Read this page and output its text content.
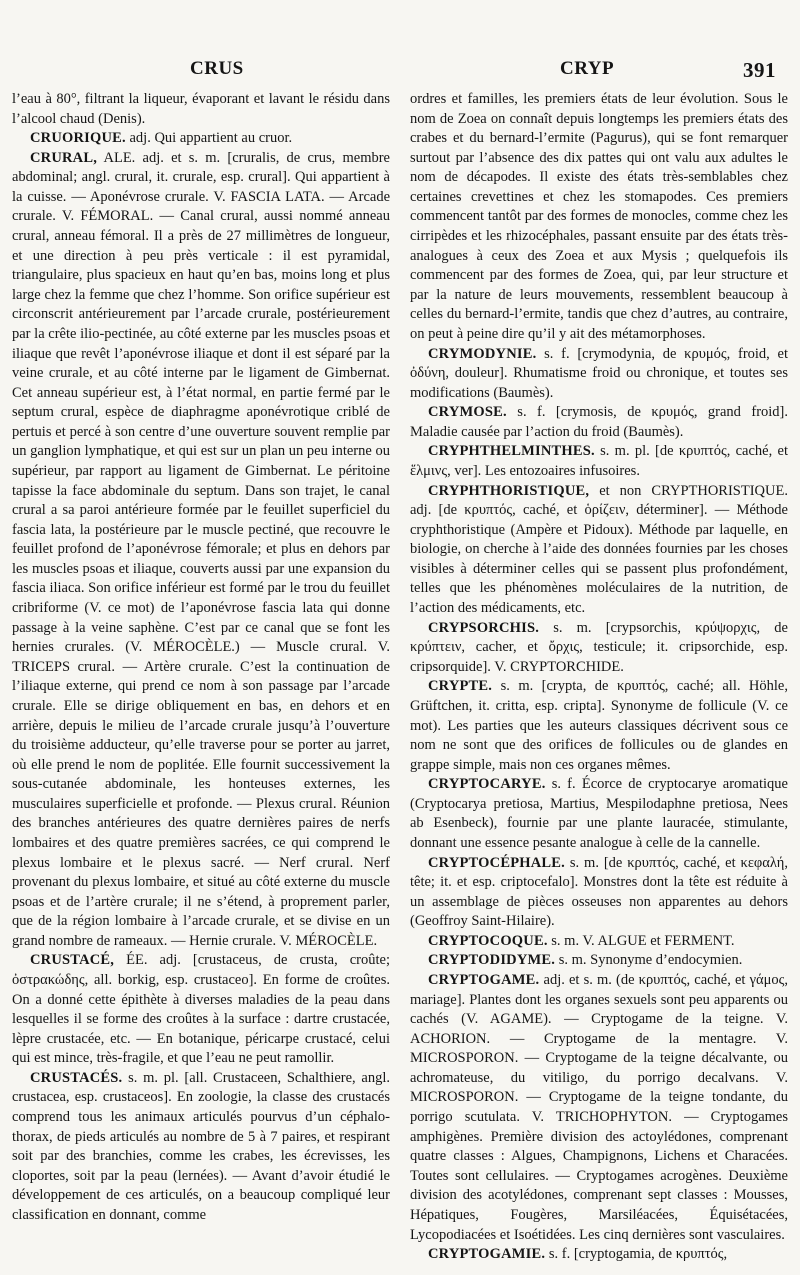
CRUS	CRYP	391

l’eau à 80°, filtrant la liqueur, évaporant et lavant le résidu dans l’alcool chaud (Denis).

CRUORIQUE. adj. Qui appartient au cruor.

CRURAL, ALE. adj. et s. m. [cruralis, de crus, membre abdominal; angl. crural, it. crurale, esp. crural]. Qui appartient à la cuisse. — Aponévrose crurale. V. FASCIA LATA. — Arcade crurale. V. FÉMORAL. — Canal crural, aussi nommé anneau crural, anneau fémoral. Il a près de 27 millimètres de longueur, et une direction à peu près verticale : il est pyramidal, triangulaire, plus spacieux en haut qu’en bas, moins long et plus large chez la femme que chez l’homme. Son orifice supérieur est circonscrit antérieurement par l’arcade crurale, postérieurement par la crête ilio-pectinée, au côté externe par les muscles psoas et iliaque que revêt l’aponévrose iliaque et dont il est séparé par la veine crurale, et au côté interne par le ligament de Gimbernat. Cet anneau supérieur est, à l’état normal, en partie fermé par le septum crural, espèce de diaphragme aponévrotique criblé de pertuis et percé à son centre d’une ouverture souvent remplie par un ganglion lymphatique, et qui est sur un plan un peu interne ou supérieur, par rapport au ligament de Gimbernat. Le péritoine tapisse la face abdominale du septum. Dans son trajet, le canal crural a sa paroi antérieure formée par le feuillet superficiel du fascia lata, la postérieure par le muscle pectiné, que recouvre le feuillet profond de l’aponévrose fémorale; et plus en dehors par les muscles psoas et iliaque, couverts aussi par une expansion du fascia iliaca. Son orifice inférieur est formé par le trou du feuillet cribriforme (V. ce mot) de l’aponévrose fascia lata qui donne passage à la veine saphène. C’est par ce canal que se font les hernies crurales. (V. MÉROCÈLE.) — Muscle crural. V. TRICEPS crural. — Artère crurale. C’est la continuation de l’iliaque externe, qui prend ce nom à son passage par l’arcade crurale. Elle se dirige obliquement en bas, en dehors et en arrière, depuis le milieu de l’arcade crurale jusqu’à l’ouverture du troisième adducteur, qu’elle traverse pour se porter au jarret, où elle prend le nom de poplitée. Elle fournit successivement la sous-cutanée abdominale, les honteuses externes, les musculaires superficielle et profonde. — Plexus crural. Réunion des branches antérieures des quatre dernières paires de nerfs lombaires et des quatre premières sacrées, ce qui comprend le plexus lombaire et le plexus sacré. — Nerf crural. Nerf provenant du plexus lombaire, et situé au côté externe du muscle psoas et de l’artère crurale; il ne s’étend, à proprement parler, que de la région lombaire à l’arcade crurale, et se divise en un grand nombre de rameaux. — Hernie crurale. V. MÉROCÈLE.

CRUSTACÉ, ÉE. adj. [crustaceus, de crusta, croûte; ὀστρακώδης, all. borkig, esp. crustaceo]. En forme de croûtes. On a donné cette épithète à diverses maladies de la peau dans lesquelles il se forme des croûtes à la surface : dartre crustacée, lèpre crustacée, etc. — En botanique, péricarpe crustacé, celui qui est mince, très-fragile, et que l’eau ne peut ramollir.

CRUSTACÉS. s. m. pl. [all. Crustaceen, Schalthiere, angl. crustacea, esp. crustaceos]. En zoologie, la classe des crustacés comprend tous les animaux articulés pourvus d’un céphalo-thorax, de pieds articulés au nombre de 5 à 7 paires, et respirant soit par des branchies, comme les crabes, les écrevisses, les cloportes, soit par la peau (lernées). — Avant d’avoir étudié le développement de ces articulés, on a beaucoup compliqué leur classification en donnant, comme

ordres et familles, les premiers états de leur évolution. Sous le nom de Zoea on connaît depuis longtemps les premiers états des crabes et du bernard-l’ermite (Pagurus), qui se font remarquer surtout par l’absence des dix pattes qui ont valu aux adultes le nom de décapodes. Il existe des états très-semblables chez certaines crevettines et chez les stomapodes. Ces premiers commencent tantôt par des formes de monocles, comme chez les cirripèdes et les rhizocéphales, passant ensuite par des états très-analogues à ceux des Zoea et aux Mysis ; quelquefois ils commencent par des formes de Zoea, qui, par leur structure et par la nature de leurs mouvements, ressemblent beaucoup à celles du bernard-l’ermite, tandis que chez d’autres, au contraire, on peut à peine dire qu’il y ait des métamorphoses.

CRYMODYNIE. s. f. [crymodynia, de κρυμός, froid, et ὀδύνη, douleur]. Rhumatisme froid ou chronique, et toutes ses modifications (Baumès).

CRYMOSE. s. f. [crymosis, de κρυμός, grand froid]. Maladie causée par l’action du froid (Baumès).

CRYPHTHELMINTHES. s. m. pl. [de κρυπτός, caché, et ἕλμινς, ver]. Les entozoaires infusoires.

CRYPHTHORISTIQUE, et non CRYPTHORISTIQUE. adj. [de κρυπτός, caché, et ὁρίζειν, déterminer]. — Méthode cryphthoristique (Ampère et Pidoux). Méthode par laquelle, en biologie, on cherche à l’aide des données fournies par les choses visibles à déterminer celles qui se passent plus profondément, telles que les phénomènes moléculaires de la nutrition, de l’action des médicaments, etc.

CRYPSORCHIS. s. m. [crypsorchis, κρύψορχις, de κρύπτειν, cacher, et ὄρχις, testicule; it. cripsorchide, esp. cripsorquide]. V. CRYPTORCHIDE.

CRYPTE. s. m. [crypta, de κρυπτός, caché; all. Höhle, Grüftchen, it. critta, esp. cripta]. Synonyme de follicule (V. ce mot). Les parties que les auteurs classiques décrivent sous ce nom ne sont que des orifices de follicules ou de glandes en grappe simple, mais non ces organes mêmes.

CRYPTOCARYE. s. f. Écorce de cryptocarye aromatique (Cryptocarya pretiosa, Martius, Mespilodaphne pretiosa, Nees ab Esenbeck), fournie par une plante lauracée, stimulante, donnant une essence pesante analogue à celle de la cannelle.

CRYPTOCÉPHALE. s. m. [de κρυπτός, caché, et κεφαλή, tête; it. et esp. criptocefalo]. Monstres dont la tête est réduite à un assemblage de pièces osseuses non apparentes au dehors (Geoffroy Saint-Hilaire).

CRYPTOCOQUE. s. m. V. ALGUE et FERMENT.

CRYPTODIDYME. s. m. Synonyme d’endocymien.

CRYPTOGAME. adj. et s. m. (de κρυπτός, caché, et γάμος, mariage]. Plantes dont les organes sexuels sont peu apparents ou cachés (V. AGAME). — Cryptogame de la teigne. V. ACHORION. — Cryptogame de la mentagre. V. MICROSPORON. — Cryptogame de la teigne décalvante, ou achromateuse, du vitiligo, du porrigo decalvans. V. MICROSPORON. — Cryptogame de la teigne tondante, du porrigo scutulata. V. TRICHOPHYTON. — Cryptogames amphigènes. Première division des actoylédones, comprenant quatre classes : Algues, Champignons, Lichens et Characées. Toutes sont cellulaires. — Cryptogames acrogènes. Deuxième division des acotylédones, comprenant sept classes : Mousses, Hépatiques, Fougères, Marsiléacées, Équisétacées, Lycopodiacées et Isoétidées. Les cinq dernières sont vasculaires.

CRYPTOGAMIE. s. f. [cryptogamia, de κρυπτός,
